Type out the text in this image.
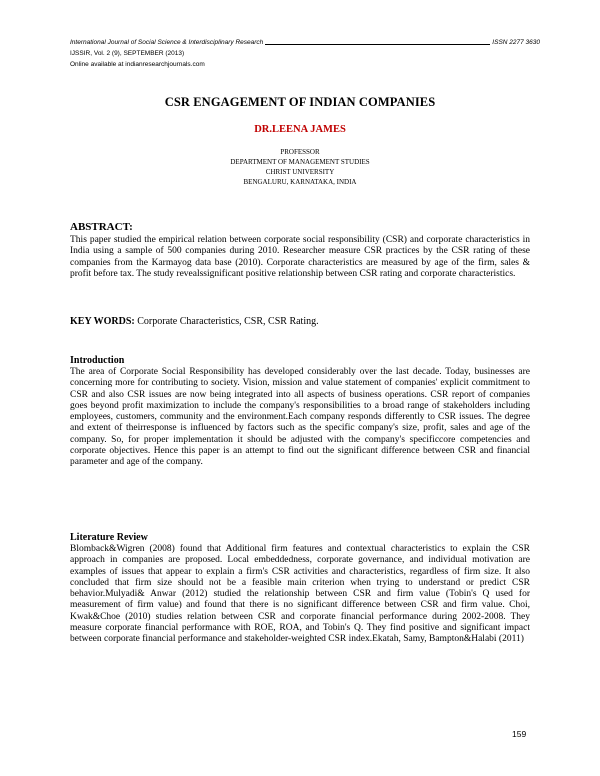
International Journal of Social Science & Interdisciplinary Research	ISSN 2277 3630
IJSSIR, Vol. 2 (9), SEPTEMBER (2013)
Online available at indianresearchjournals.com
CSR ENGAGEMENT OF INDIAN COMPANIES
DR.LEENA JAMES
PROFESSOR
DEPARTMENT OF MANAGEMENT STUDIES
CHRIST UNIVERSITY
BENGALURU, KARNATAKA, INDIA
ABSTRACT:
This paper studied the empirical relation between corporate social responsibility (CSR) and corporate characteristics in India using a sample of 500 companies during 2010. Researcher measure CSR practices by the CSR rating of these companies from the Karmayog data base (2010). Corporate characteristics are measured by age of the firm, sales & profit before tax. The study revealssignificant positive relationship between CSR rating and corporate characteristics.
KEY WORDS: Corporate Characteristics, CSR, CSR Rating.
Introduction
The area of Corporate Social Responsibility has developed considerably over the last decade. Today, businesses are concerning more for contributing to society. Vision, mission and value statement of companies' explicit commitment to CSR and also CSR issues are now being integrated into all aspects of business operations. CSR report of companies goes beyond profit maximization to include the company's responsibilities to a broad range of stakeholders including employees, customers, community and the environment.Each company responds differently to CSR issues. The degree and extent of theirresponse is influenced by factors such as the specific company's size, profit, sales and age of the company. So, for proper implementation it should be adjusted with the company's specificcore competencies and corporate objectives. Hence this paper is an attempt to find out the significant difference between CSR and financial parameter and age of the company.
Literature Review
Blomback&Wigren (2008) found that Additional firm features and contextual characteristics to explain the CSR approach in companies are proposed. Local embeddedness, corporate governance, and individual motivation are examples of issues that appear to explain a firm's CSR activities and characteristics, regardless of firm size. It also concluded that firm size should not be a feasible main criterion when trying to understand or predict CSR behavior.Mulyadi& Anwar (2012) studied the relationship between CSR and firm value (Tobin's Q used for measurement of firm value) and found that there is no significant difference between CSR and firm value. Choi, Kwak&Choe (2010) studies relation between CSR and corporate financial performance during 2002-2008. They measure corporate financial performance with ROE, ROA, and Tobin's Q. They find positive and significant impact between corporate financial performance and stakeholder-weighted CSR index.Ekatah, Samy, Bampton&Halabi (2011)
159
